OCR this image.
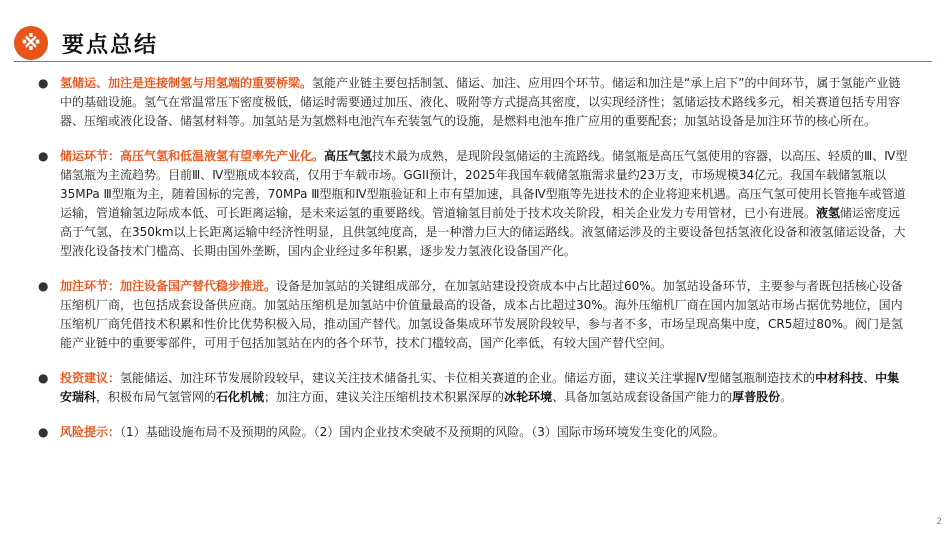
※ 要点总结
● 氢储运、加注是连接制氢与用氢端的重要桥梁。氢能产业链主要包括制氢、储运、加注、应用四个环节。储运和加注是“承上启下”的中间环节，属于氢能产业链中的基础设施。氢气在常温常压下密度极低，储运时需要通过加压、液化、吸附等方式提高其密度，以实现经济性；氢储运技术路线多元，相关赛道包括专用容器、压缩或液化设备、储氢材料等。加氢站是为氢燃料电池汽车充装氢气的设施，是燃料电池车推广应用的重要配套；加氢站设备是加注环节的核心所在。
● 储运环节：高压气氢和低温液氢有望率先产业化。高压气氢技术最为成熟，是现阶段氢储运的主流路线。储氢瓶是高压气氢使用的容器，以高压、轻质的Ⅲ、Ⅳ型储氢瓶为主流趋势。目前Ⅲ、Ⅳ型瓶成本较高，仅用于车载市场。GGII预计，2025年我国车载储氢瓶需求量约23万支，市场规模34亿元。我国车载储氢瓶以35MPa Ⅲ型瓶为主，随着国标的完善，70MPa Ⅲ型瓶和Ⅳ型瓶验证和上市有望加速，具备Ⅳ型瓶等先进技术的企业将迎来机遇。高压气氢可使用长管拖车或管道运输，管道输氢边际成本低、可长距离运输，是未来运氢的重要路线。管道输氢目前处于技术攻关阶段，相关企业发力专用管材，已小有进展。液氢储运密度远高于气氢，在350km以上长距离运输中经济性明显，且供氢纯度高，是一种潜力巨大的储运路线。液氢储运涉及的主要设备包括氢液化设备和液氢储运设备，大型液化设备技术门槛高、长期由国外垄断，国内企业经过多年积累，逐步发力氢液化设备国产化。
● 加注环节：加注设备国产替代稳步推进。设备是加氢站的关键组成部分，在加氢站建设投资成本中占比超过60%。加氢站设备环节，主要参与者既包括核心设备压缩机厂商，也包括成套设备供应商。加氢站压缩机是加氢站中价值量最高的设备，成本占比超过30%。海外压缩机厂商在国内加氢站市场占据优势地位，国内压缩机厂商凭借技术积累和性价比优势积极入局，推动国产替代。加氢设备集成环节发展阶段较早，参与者不多，市场呈现高集中度，CR5超过80%。阀门是氢能产业链中的重要零部件，可用于包括加氢站在内的各个环节，技术门槛较高，国产化率低，有较大国产替代空间。
● 投资建议：氢能储运、加注环节发展阶段较早，建议关注技术储备扎实、卡位相关赛道的企业。储运方面，建议关注掌握Ⅳ型储氢瓶制造技术的中材科技、中集安瑞科，积极布局气氢管网的石化机械；加注方面，建议关注压缩机技术积累深厚的冰轮环境、具备加氢站成套设备国产能力的厚普股份。
● 风险提示：（1）基础设施布局不及预期的风险。（2）国内企业技术突破不及预期的风险。（3）国际市场环境发生变化的风险。
2
